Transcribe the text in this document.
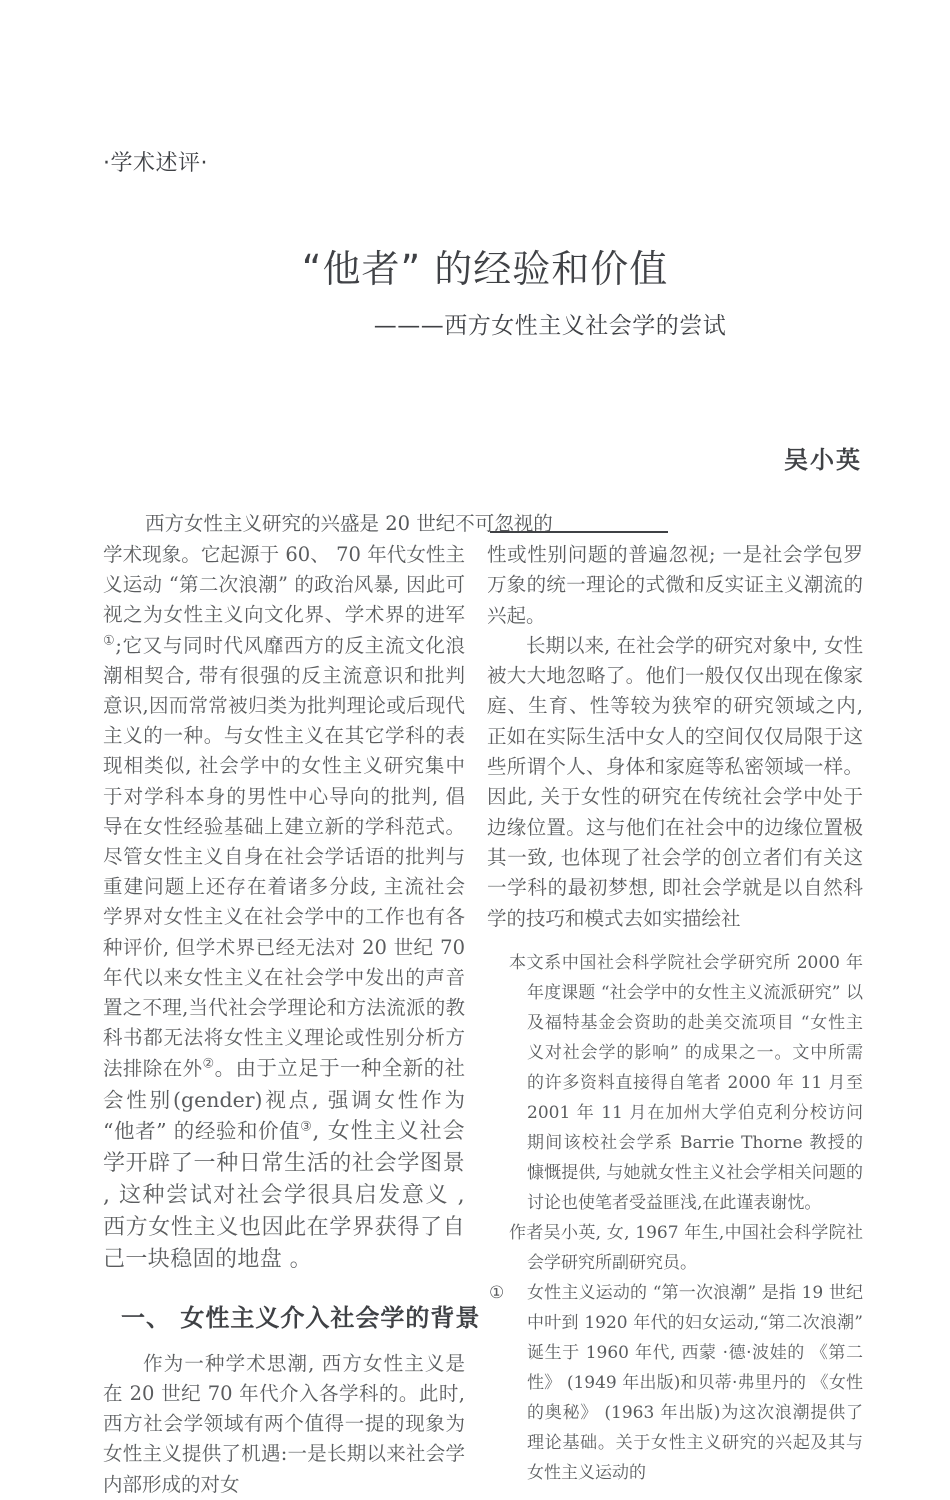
·学术述评·
“他者” 的经验和价值
———西方女性主义社会学的尝试
吴小英
西方女性主义研究的兴盛是 20 世纪不可忽视的

学术现象。它起源于 60、 70 年代女性主义运动 “第二次浪潮” 的政治风暴, 因此可视之为女性主义向文化界、学术界的进军①;它又与同时代风靡西方的反主流文化浪潮相契合, 带有很强的反主流意识和批判意识,因而常常被归类为批判理论或后现代主义的一种。与女性主义在其它学科的表现相类似, 社会学中的女性主义研究集中于对学科本身的男性中心导向的批判, 倡导在女性经验基础上建立新的学科范式。尽管女性主义自身在社会学话语的批判与重建问题上还存在着诸多分歧, 主流社会学界对女性主义在社会学中的工作也有各种评价, 但学术界已经无法对 20 世纪 70 年代以来女性主义在社会学中发出的声音置之不理,当代社会学理论和方法流派的教科书都无法将女性主义理论或性别分析方法排除在外②。由于立足于一种全新的社会性别(gender)视点, 强调女性作为 “他者” 的经验和价值③, 女性主义社会学开辟了一种日常生活的社会学图景 , 这种尝试对社会学很具启发意义 , 西方女性主义也因此在学界获得了自己一块稳固的地盘 。

一、 女性主义介入社会学的背景

作为一种学术思潮, 西方女性主义是在 20 世纪 70 年代介入各学科的。此时, 西方社会学领域有两个值得一提的现象为女性主义提供了机遇:一是长期以来社会学内部形成的对女

性或性别问题的普遍忽视; 一是社会学包罗万象的统一理论的式微和反实证主义潮流的兴起。

长期以来, 在社会学的研究对象中, 女性被大大地忽略了。他们一般仅仅出现在像家庭、生育、性等较为狭窄的研究领域之内, 正如在实际生活中女人的空间仅仅局限于这些所谓个人、身体和家庭等私密领域一样。因此, 关于女性的研究在传统社会学中处于边缘位置。这与他们在社会中的边缘位置极其一致, 也体现了社会学的创立者们有关这一学科的最初梦想, 即社会学就是以自然科学的技巧和模式去如实描绘社

本文系中国社会科学院社会学研究所 2000 年年度课题 “社会学中的女性主义流派研究” 以及福特基金会资助的赴美交流项目 “女性主义对社会学的影响” 的成果之一。文中所需的许多资料直接得自笔者 2000 年 11 月至 2001 年 11 月在加州大学伯克利分校访问期间该校社会学系 Barrie Thorne 教授的慷慨提供, 与她就女性主义社会学相关问题的讨论也使笔者受益匪浅,在此谨表谢忱。
作者吴小英, 女, 1967 年生,中国社会科学院社会学研究所副研究员。
① 女性主义运动的 “第一次浪潮” 是指 19 世纪中叶到 1920 年代的妇女运动,“第二次浪潮” 诞生于 1960 年代, 西蒙 ·德·波娃的 《第二性》 (1949 年出版)和贝蒂·弗里丹的 《女性的奥秘》 (1963 年出版)为这次浪潮提供了理论基础。关于女性主义研究的兴起及其与女性主义运动的
